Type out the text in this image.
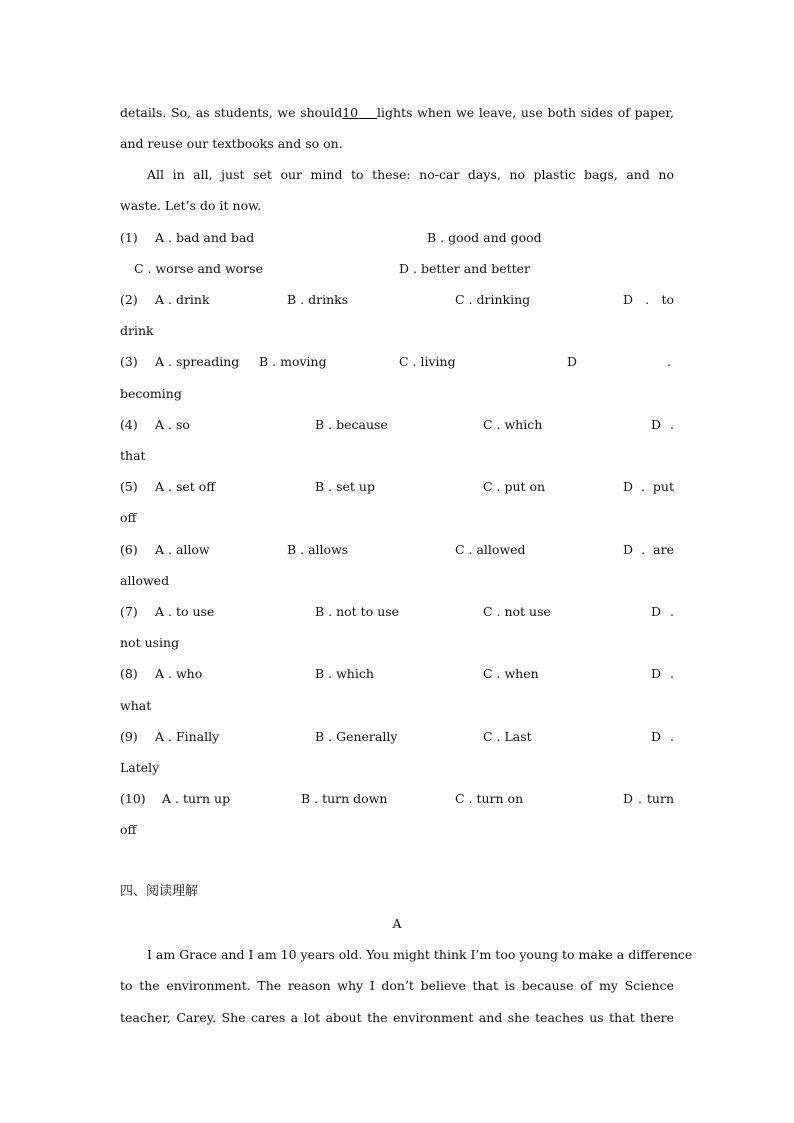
details. So, as students, we should10 lights when we leave, use both sides of paper,
and reuse our textbooks and so on.
All in all, just set our mind to these: no-car days, no plastic bags, and no
waste. Let’s do it now.
(1) A . bad and bad	B . good and good
C . worse and worse	D . better and better
(2) A . drink	B . drinks	C . drinking	D . to
drink
(3) A . spreading B . moving	C . living	D	.
becoming
(4) A . so	B . because	C . which	D .
that
(5) A . set off	B . set up	C . put on	D . put
off
(6) A . allow	B . allows	C . allowed	D . are
allowed
(7) A . to use	B . not to use	C . not use	D .
not using
(8) A . who	B . which	C . when	D .
what
(9) A . Finally	B . Generally	C . Last	D .
Lately
(10) A . turn up	B . turn down	C . turn on	D . turn
off
四、阅读理解
A
I am Grace and I am 10 years old. You might think I’m too young to make a difference
to the environment. The reason why I don’t believe that is because of my Science
teacher, Carey. She cares a lot about the environment and she teaches us that there
